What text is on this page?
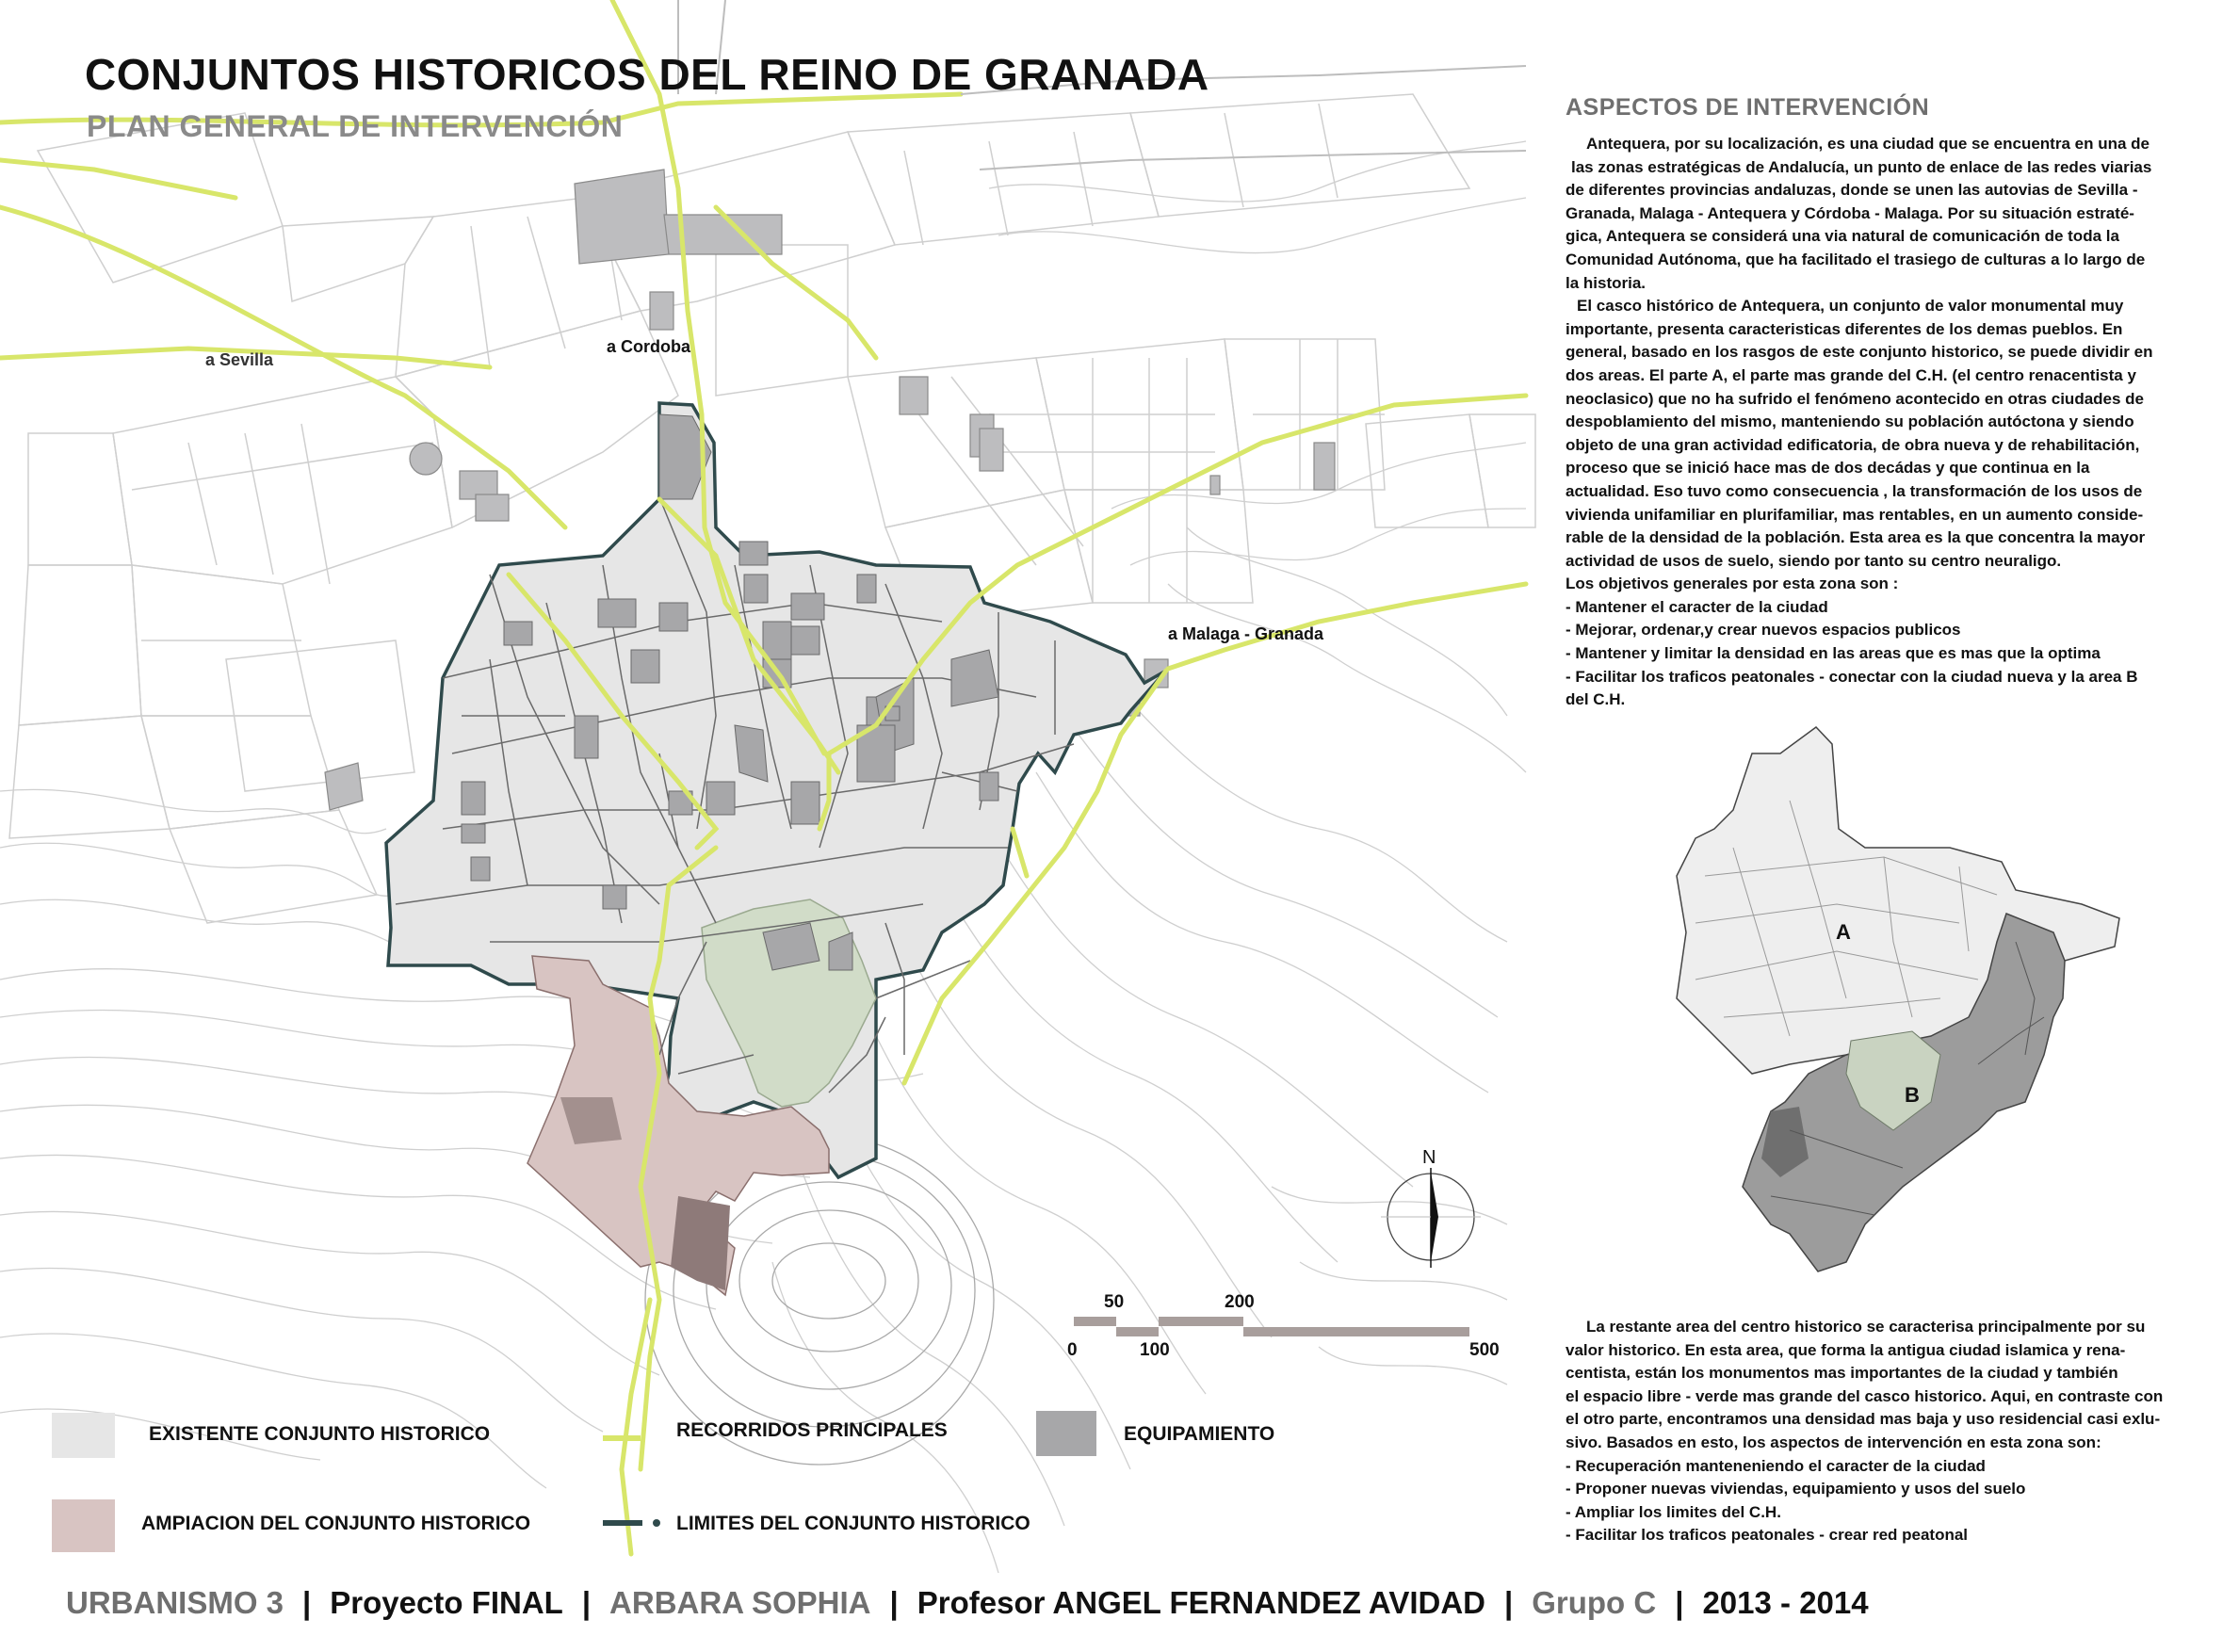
CONJUNTOS HISTORICOS DEL REINO DE GRANADA
PLAN GENERAL DE INTERVENCIÓN
ASPECTOS DE INTERVENCIÓN
Antequera, por su localización, es una ciudad que se encuentra en una de
las zonas estratégicas de Andalucía, un punto de enlace de las redes viarias
de diferentes provincias andaluzas, donde se unen las autovias de Sevilla -
Granada, Malaga - Antequera y Córdoba - Malaga. Por su situación estraté-
gica, Antequera se considerá una via natural de comunicación de toda la
Comunidad Autónoma, que ha facilitado el trasiego de culturas a lo largo de
la historia.
El casco histórico de Antequera, un conjunto de valor monumental muy
importante, presenta caracteristicas diferentes de los demas pueblos. En
general, basado en los rasgos de este conjunto historico, se puede dividir en
dos areas. El parte A, el parte mas grande del C.H. (el centro renacentista y
neoclasico) que no ha sufrido el fenómeno acontecido en otras ciudades de
despoblamiento del mismo, manteniendo su población autóctona y siendo
objeto de una gran actividad edificatoria, de obra nueva y de rehabilitación,
proceso que se inició hace mas de dos decádas y que continua en la
actualidad. Eso tuvo como consecuencia , la transformación de los usos de
vivienda unifamiliar en plurifamiliar, mas rentables, en un aumento conside-
rable de la densidad de la población. Esta area es la que concentra la mayor
actividad de usos de suelo, siendo por tanto su centro neuraligo.
Los objetivos generales por esta zona son :
- Mantener el caracter de la ciudad
- Mejorar, ordenar,y crear nuevos espacios publicos
- Mantener y limitar la densidad en las areas que es mas que la optima
- Facilitar los traficos peatonales - conectar con la ciudad nueva y la area B
del C.H.
La restante area del centro historico se caracterisa principalmente por su
valor historico. En esta area, que forma la antigua ciudad islamica y rena-
centista, están los monumentos mas importantes de la ciudad y también
el espacio libre - verde mas grande del casco historico. Aqui, en contraste con
el otro parte, encontramos una densidad mas baja y uso residencial casi exlu-
sivo. Basados en esto, los aspectos de intervención en esta zona son:
- Recuperación manteneniendo el caracter de la ciudad
- Proponer nuevas viviendas, equipamiento y usos del suelo
- Ampliar los limites del C.H.
- Facilitar los traficos peatonales - crear red peatonal
a Sevilla
a Cordoba
a Malaga - Granada
N
A
B
0
50
100
200
500
EXISTENTE CONJUNTO HISTORICO	RECORRIDOS PRINCIPALES	EQUIPAMIENTO
AMPIACION DEL CONJUNTO HISTORICO	LIMITES DEL CONJUNTO HISTORICO
URBANISMO 3 | Proyecto FINAL | ARBARA SOPHIA | Profesor ANGEL FERNANDEZ AVIDAD | Grupo C | 2013 - 2014
